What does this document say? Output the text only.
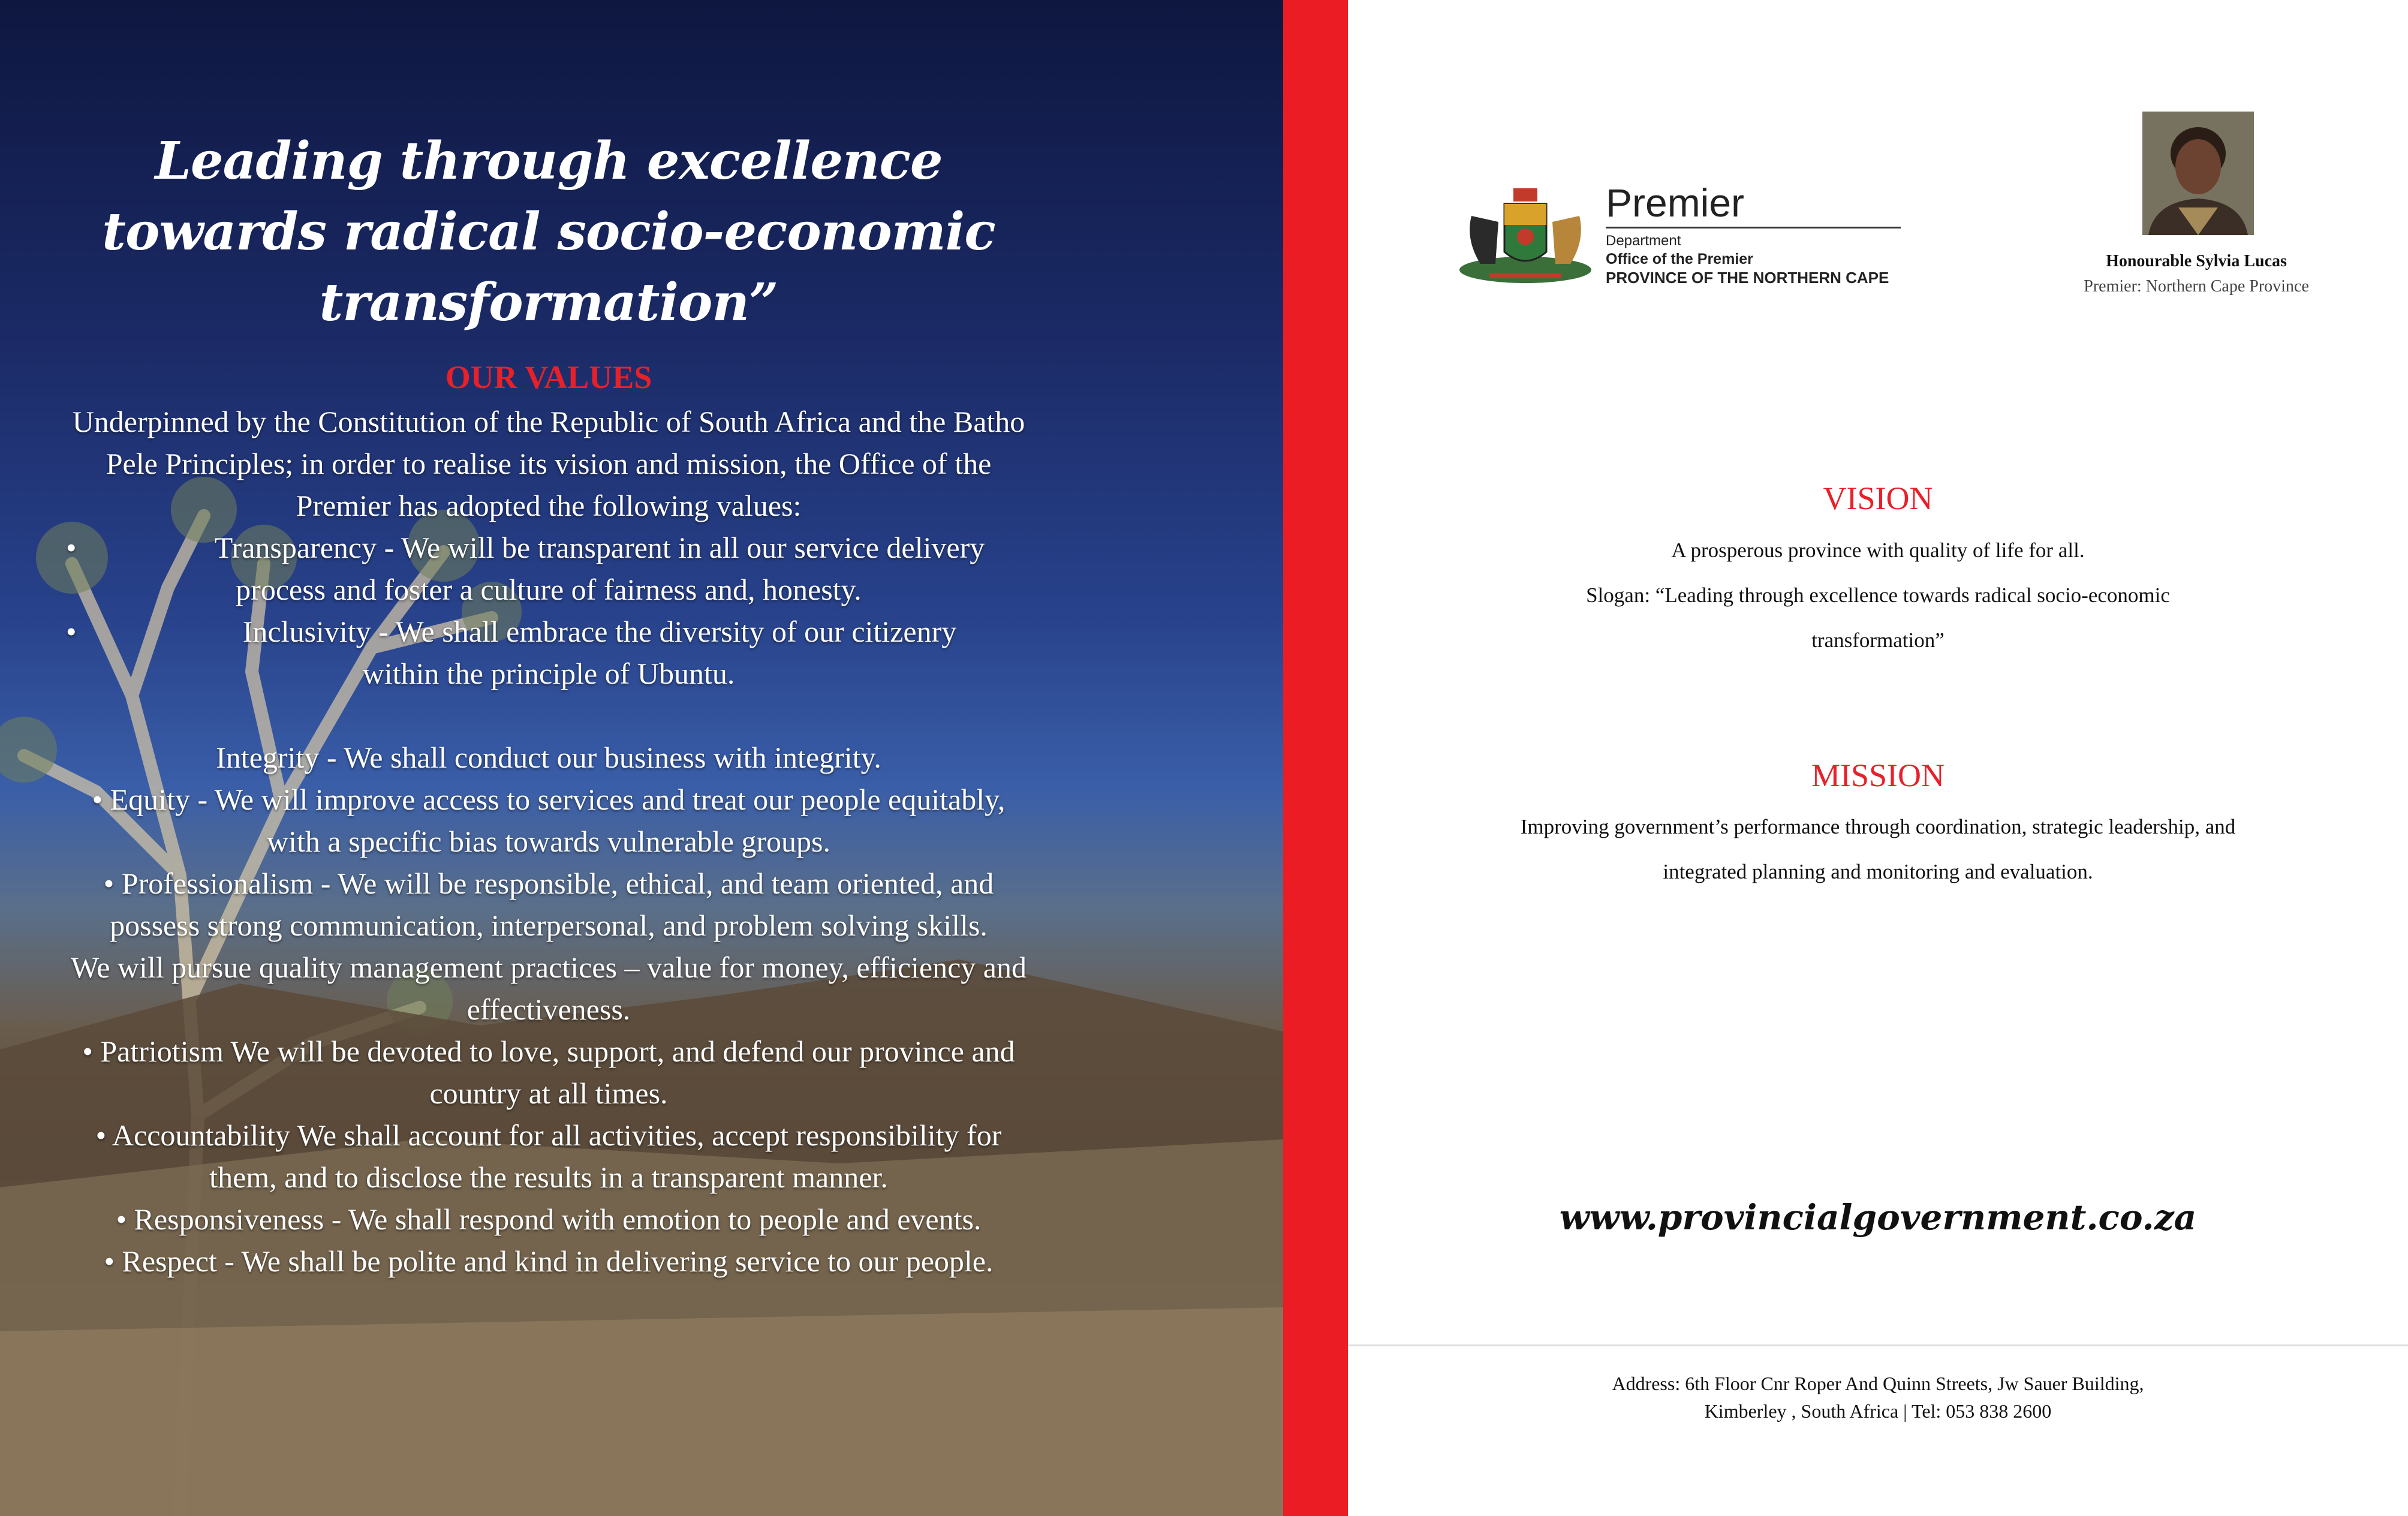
Leading through excellence towards radical socio-economic transformation”
OUR VALUES

Underpinned by the Constitution of the Republic of South Africa and the Batho Pele Principles; in order to realise its vision and mission, the Office of the Premier has adopted the following values:

•	Transparency - We will be transparent in all our service delivery

process and foster a culture of fairness and, honesty.

•	Inclusivity - We shall embrace the diversity of our citizenry

within the principle of Ubuntu.

Integrity - We shall conduct our business with integrity.

• Equity - We will improve access to services and treat our people equitably, with a specific bias towards vulnerable groups.

• Professionalism - We will be responsible, ethical, and team oriented, and possess strong communication, interpersonal, and problem solving skills.

We will pursue quality management practices – value for money, efficiency and effectiveness.

• Patriotism We will be devoted to love, support, and defend our province and country at all times.

• Accountability We shall account for all activities, accept responsibility for them, and to disclose the results in a transparent manner.

• Responsiveness - We shall respond with emotion to people and events.

• Respect - We shall be polite and kind in delivering service to our people.

Premier
Department
Office of the Premier
PROVINCE OF THE NORTHERN CAPE
Honourable Sylvia Lucas
Premier: Northern Cape Province
VISION
A prosperous province with quality of life for all.
Slogan: “Leading through excellence towards radical socio-economic
transformation”
MISSION
Improving government’s performance through coordination, strategic leadership, and
integrated planning and monitoring and evaluation.
www.provincialgovernment.co.za
Address: 6th Floor Cnr Roper And Quinn Streets, Jw Sauer Building,
Kimberley , South Africa | Tel: 053 838 2600
